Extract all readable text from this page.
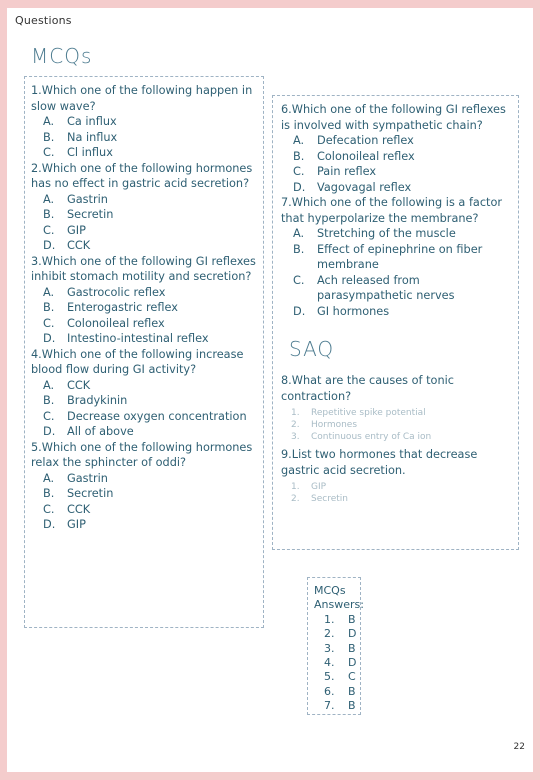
Questions
MCQs

1.Which one of the following happen in slow wave?

A.	Ca influx
B.	Na influx
C.	Cl influx

2.Which one of the following hormones has no effect in gastric acid secretion?

A.	Gastrin
B.	Secretin
C.	GIP
D.	CCK

3.Which one of the following GI reflexes inhibit stomach motility and secretion?

A.	Gastrocolic reflex
B.	Enterogastric reflex
C.	Colonoileal reflex
D.	Intestino-intestinal reflex

4.Which one of the following increase blood flow during GI activity?

A.	CCK
B.	Bradykinin
C.	Decrease oxygen concentration
D.	All of above

5.Which one of the following hormones relax the sphincter of oddi?

A.	Gastrin
B.	Secretin
C.	CCK
D.	GIP

6.Which one of the following GI reflexes is involved with sympathetic chain?

A.	Defecation reflex
B.	Colonoileal reflex
C.	Pain reflex
D.	Vagovagal reflex

7.Which one of the following is a factor that hyperpolarize the membrane?

A.	Stretching of the muscle
B.	Effect of epinephrine on fiber membrane
C.	Ach released from parasympathetic nerves
D.	GI hormones
SAQ

8.What are the causes of tonic contraction?

1.	Repetitive spike potential
2.	Hormones
3.	Continuous entry of Ca ion

9.List two hormones that decrease gastric acid secretion.

1.	GIP
2.	Secretin
MCQs
Answers:
1.	B
2.	D
3.	B
4.	D
5.	C
6.	B
7.	B
22
